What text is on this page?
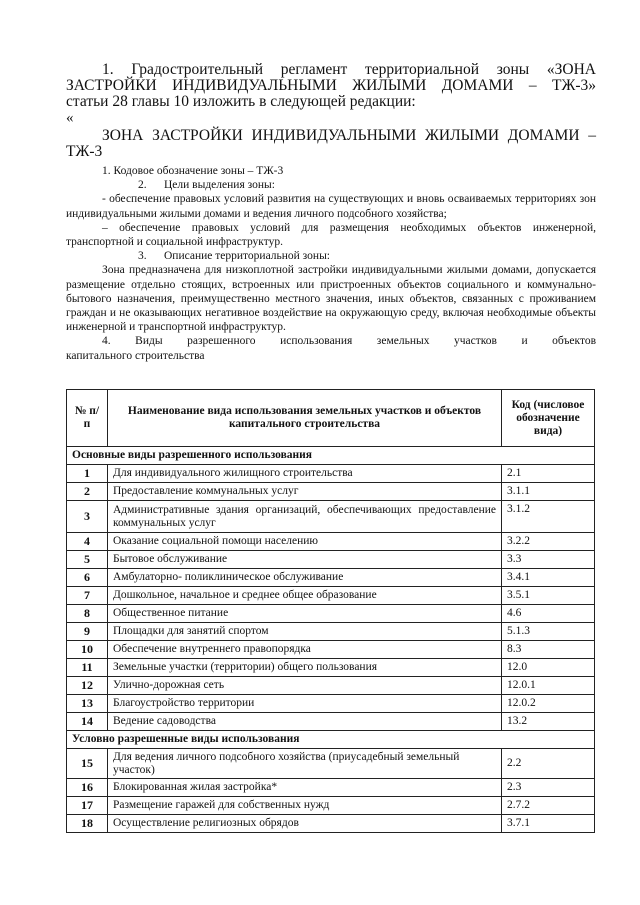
1. Градостроительный регламент территориальной зоны «ЗОНА

ЗАСТРОЙКИ ИНДИВИДУАЛЬНЫМИ ЖИЛЫМИ ДОМАМИ – ТЖ-3»

статьи 28 главы 10 изложить в следующей редакции:

«

ЗОНА ЗАСТРОЙКИ ИНДИВИДУАЛЬНЫМИ ЖИЛЫМИ ДОМАМИ –

ТЖ-3

1. Кодовое обозначение зоны – ТЖ-3

2. Цели выделения зоны:

- обеспечение правовых условий развития на существующих и вновь осваиваемых территориях зон индивидуальными жилыми домами и ведения личного подсобного хозяйства;

– обеспечение правовых условий для размещения необходимых объектов инженерной, транспортной и социальной инфраструктур.

3. Описание территориальной зоны:

Зона предназначена для низкоплотной застройки индивидуальными жилыми домами, допускается размещение отдельно стоящих, встроенных или пристроенных объектов социального и коммунально-бытового назначения, преимущественно местного значения, иных объектов, связанных с проживанием граждан и не оказывающих негативное воздействие на окружающую среду, включая необходимые объекты инженерной и транспортной инфраструктур.

4. Виды разрешенного использования земельных участков и объектов

капитального строительства

№ п/п	Наименование вида использования земельных участков и объектов капитального строительства	Код (числовое обозначение вида)
Основные виды разрешенного использования		
1	Для индивидуального жилищного строительства	2.1
2	Предоставление коммунальных услуг	3.1.1
3	Административные здания организаций, обеспечивающих предоставление коммунальных услуг	3.1.2
4	Оказание социальной помощи населению	3.2.2
5	Бытовое обслуживание	3.3
6	Амбулаторно- поликлиническое обслуживание	3.4.1
7	Дошкольное, начальное и среднее общее образование	3.5.1
8	Общественное питание	4.6
9	Площадки для занятий спортом	5.1.3
10	Обеспечение внутреннего правопорядка	8.3
11	Земельные участки (территории) общего пользования	12.0
12	Улично-дорожная сеть	12.0.1
13	Благоустройство территории	12.0.2
14	Ведение садоводства	13.2
Условно разрешенные виды использования		
15	Для ведения личного подсобного хозяйства (приусадебный земельный участок)	2.2
16	Блокированная жилая застройка*	2.3
17	Размещение гаражей для собственных нужд	2.7.2
18	Осуществление религиозных обрядов	3.7.1
